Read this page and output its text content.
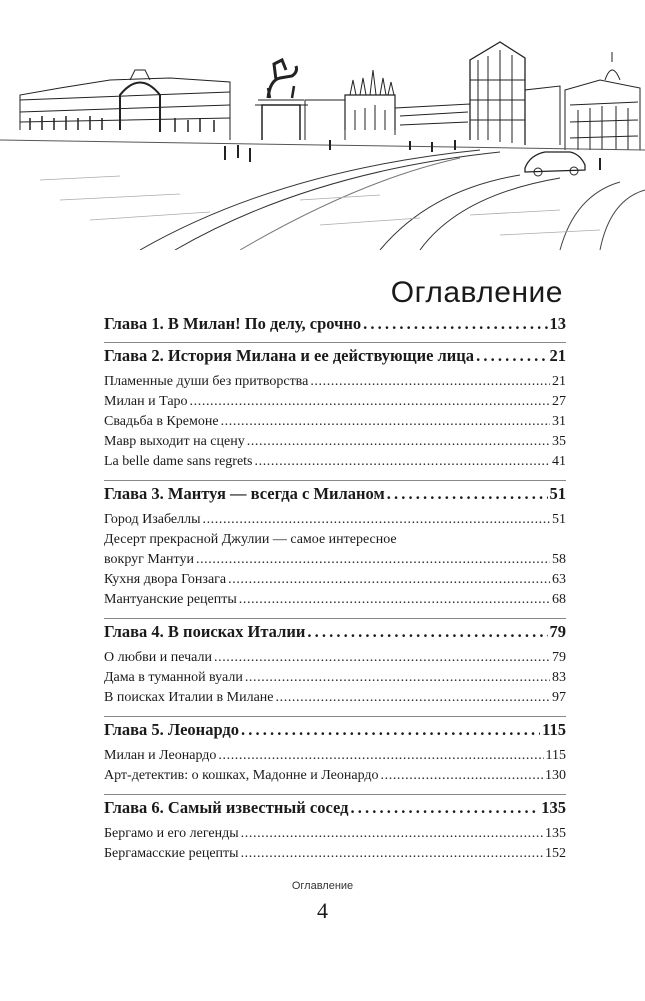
Оглавление
Глава 1. В Милан! По делу, срочно . . .	13
Глава 2. История Милана и ее действующие лица . . .	21
Пламенные души без притворства .....	21
Милан и Таро .....	27
Свадьба в Кремоне .....	31
Мавр выходит на сцену .....	35
La belle dame sans regrets .....	41
Глава 3. Мантуя — всегда с Миланом . . .	51
Город Изабеллы .....	51
Десерт прекрасной Джулии — самое интересное
вокруг Мантуи .....	58
Кухня двора Гонзага .....	63
Мантуанские рецепты .....	68
Глава 4. В поисках Италии . . .	79
О любви и печали .....	79
Дама в туманной вуали .....	83
В поисках Италии в Милане .....	97
Глава 5. Леонардо . . .	115
Милан и Леонардо .....	115
Арт-детектив: о кошках, Мадонне и Леонардо .....	130
Глава 6. Самый известный сосед . . .	135
Бергамо и его легенды .....	135
Бергамасские рецепты .....	152
Оглавление
4
